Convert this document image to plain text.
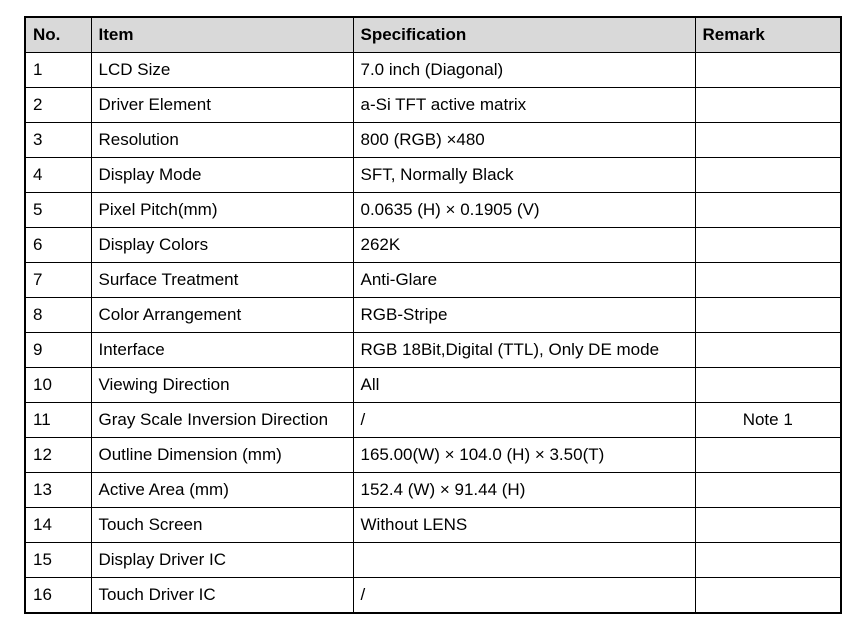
No.	Item	Specification	Remark
1	LCD Size	7.0 inch (Diagonal)	
2	Driver Element	a-Si TFT active matrix	
3	Resolution	800 (RGB) ×480	
4	Display Mode	SFT, Normally Black	
5	Pixel Pitch(mm)	0.0635 (H) × 0.1905 (V)	
6	Display Colors	262K	
7	Surface Treatment	Anti-Glare	
8	Color Arrangement	RGB-Stripe	
9	Interface	RGB 18Bit,Digital (TTL), Only DE mode	
10	Viewing Direction	All	
11	Gray Scale Inversion Direction	/	Note 1
12	Outline Dimension (mm)	165.00(W) × 104.0 (H) × 3.50(T)	
13	Active Area (mm)	152.4 (W) × 91.44 (H)	
14	Touch Screen	Without LENS	
15	Display Driver IC		
16	Touch Driver IC	/	
